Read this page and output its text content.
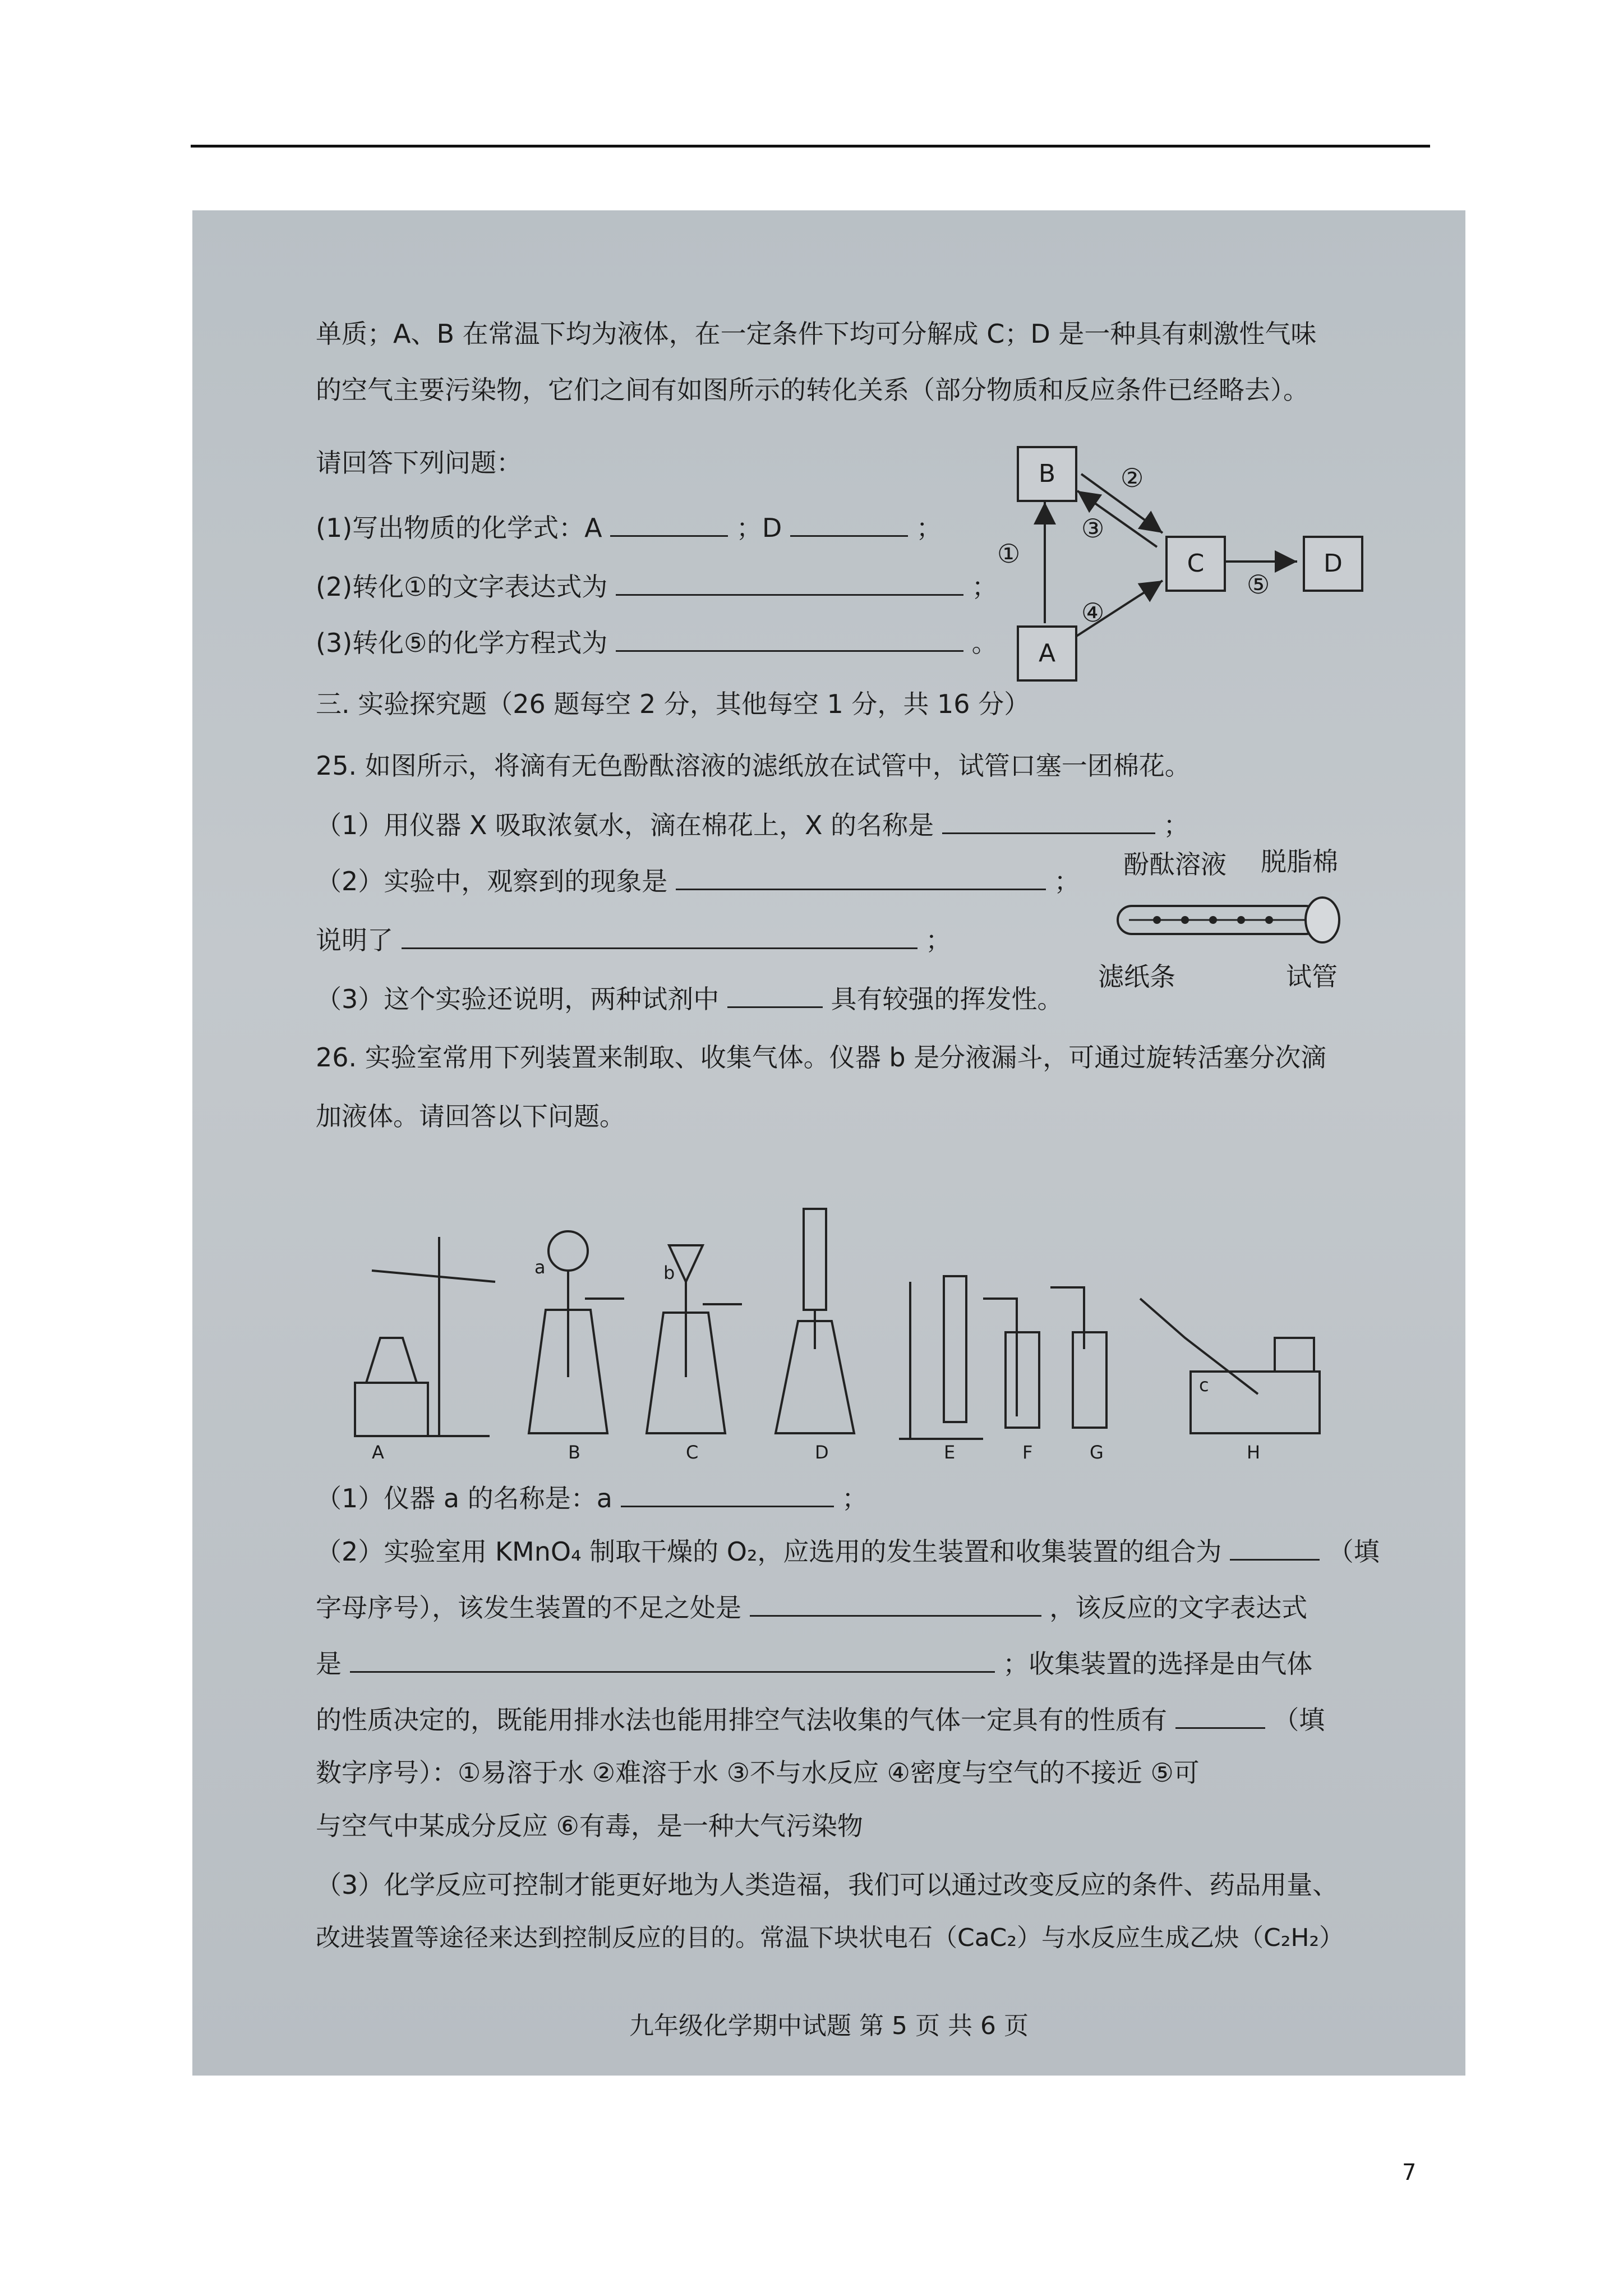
单质；A、B 在常温下均为液体，在一定条件下均可分解成 C；D 是一种具有刺激性气味
的空气主要污染物，它们之间有如图所示的转化关系（部分物质和反应条件已经略去）。
请回答下列问题：
(1)写出物质的化学式：A	；D	；
(2)转化①的文字表达式为	；
(3)转化⑤的化学方程式为	。
B
C	D
A
①
②
③
④
⑤
三. 实验探究题（26 题每空 2 分，其他每空 1 分，共 16 分）
25. 如图所示，将滴有无色酚酞溶液的滤纸放在试管中，试管口塞一团棉花。
（1）用仪器 X 吸取浓氨水，滴在棉花上，X 的名称是	；
（2）实验中，观察到的现象是	；
说明了	；
（3）这个实验还说明，两种试剂中	具有较强的挥发性。
酚酞溶液 脱脂棉
滤纸条	试管
26. 实验室常用下列装置来制取、收集气体。仪器 b 是分液漏斗，可通过旋转活塞分次滴
加液体。请回答以下问题。
a	b
c
A	B	C	D	E	F	G	H
（1）仪器 a 的名称是：a	；
（2）实验室用 KMnO₄ 制取干燥的 O₂，应选用的发生装置和收集装置的组合为	（填
字母序号），该发生装置的不足之处是	，该反应的文字表达式
是	；收集装置的选择是由气体
的性质决定的，既能用排水法也能用排空气法收集的气体一定具有的性质有	（填
数字序号）：①易溶于水 ②难溶于水 ③不与水反应 ④密度与空气的不接近 ⑤可
与空气中某成分反应 ⑥有毒，是一种大气污染物
（3）化学反应可控制才能更好地为人类造福，我们可以通过改变反应的条件、药品用量、
改进装置等途径来达到控制反应的目的。常温下块状电石（CaC₂）与水反应生成乙炔（C₂H₂）
九年级化学期中试题 第 5 页 共 6 页
7
